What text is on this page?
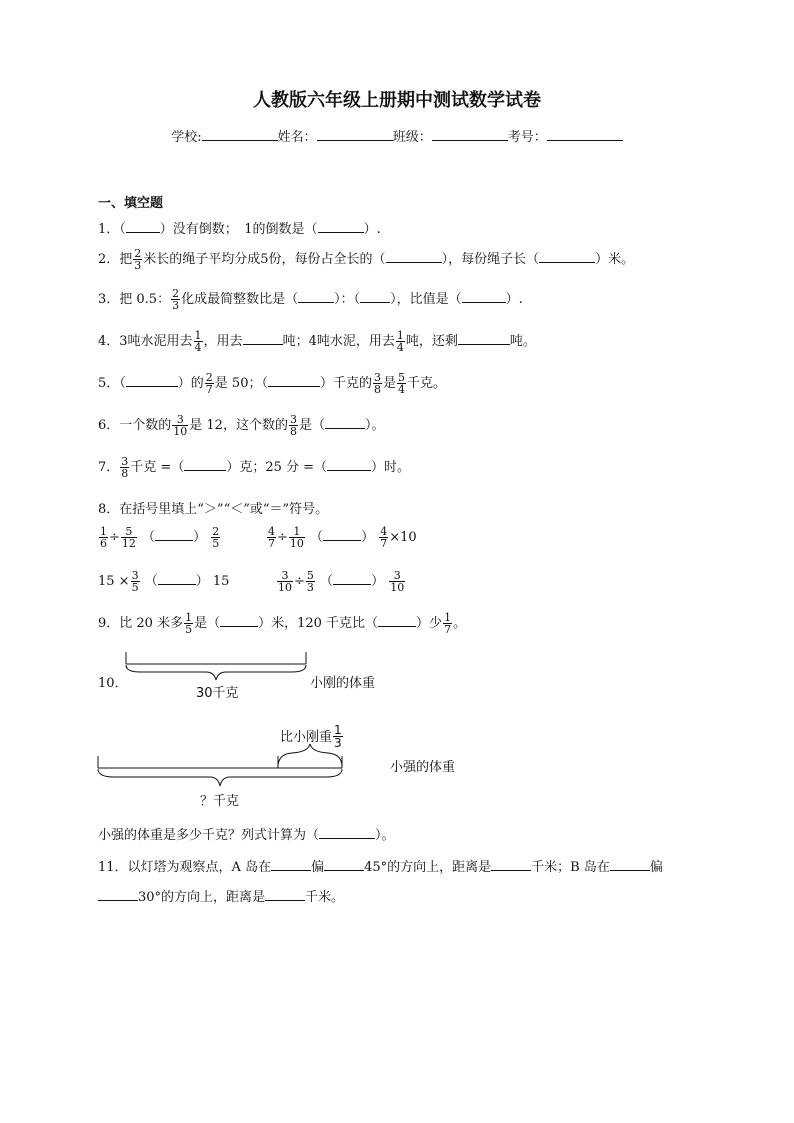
人教版六年级上册期中测试数学试卷
学校:	姓名：	班级：	考号：
一、填空题
1．（	）没有倒数；　1的倒数是（	）.
2．把 $\frac{2}{3}$ 米长的绳子平均分成5份，每份占全长的（	），每份绳子长（	）米。
3．把 0.5： $\frac{2}{3}$ 化成最简整数比是（	）：（ ），比值是（	）.
4．3吨水泥用去 $\frac{1}{4}$ ，用去	吨；4吨水泥，用去 $\frac{1}{4}$ 吨，还剩	吨。
5．（	）的 $\frac{2}{7}$ 是 50；（	）千克的 $\frac{3}{8}$ 是 $\frac{5}{4}$ 千克。
6．一个数的 $\frac{3}{10}$ 是 12，这个数的 $\frac{3}{8}$ 是（	）。
7． $\frac{3}{8}$ 千克 =（	）克；25 分 =（	）时。
8．在括号里填上“＞”“＜”或“＝”符号。
$\frac{1}{6} \div \frac{5}{12}$ （	） $\frac{2}{5}$	$\frac{4}{7} \div \frac{1}{10}$ （	） $\frac{4}{7} \times 10$
$15 \times \frac{3}{5}$ （	） 15	$\frac{3}{10} \div \frac{5}{3}$ （	） $\frac{3}{10}$
9．比 20 米多 $\frac{1}{5}$ 是（	）米，120 千克比（	）少 $\frac{1}{7}$ 。
10．
30千克
小刚的体重
比小刚重 $\frac{1}{3}$
小强的体重
？千克
小强的体重是多少千克？列式计算为（	）。
11．以灯塔为观察点，A 岛在	偏	45°的方向上，距离是	千米；B 岛在	偏
30°的方向上，距离是	千米。
